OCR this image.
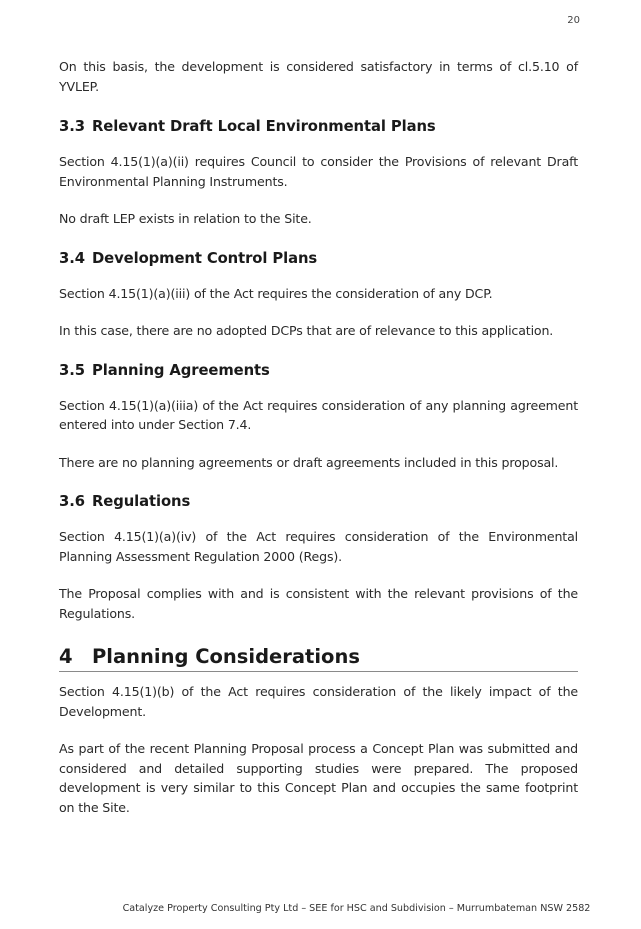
20

On this basis, the development is considered satisfactory in terms of cl.5.10 of YVLEP.

3.3 Relevant Draft Local Environmental Plans

Section 4.15(1)(a)(ii) requires Council to consider the Provisions of relevant Draft Environmental Planning Instruments.

No draft LEP exists in relation to the Site.

3.4 Development Control Plans

Section 4.15(1)(a)(iii) of the Act requires the consideration of any DCP.

In this case, there are no adopted DCPs that are of relevance to this application.

3.5 Planning Agreements

Section 4.15(1)(a)(iiia) of the Act requires consideration of any planning agreement entered into under Section 7.4.

There are no planning agreements or draft agreements included in this proposal.

3.6 Regulations

Section 4.15(1)(a)(iv) of the Act requires consideration of the Environmental Planning Assessment Regulation 2000 (Regs).

The Proposal complies with and is consistent with the relevant provisions of the Regulations.

4 Planning Considerations

Section 4.15(1)(b) of the Act requires consideration of the likely impact of the Development.

As part of the recent Planning Proposal process a Concept Plan was submitted and considered and detailed supporting studies were prepared. The proposed development is very similar to this Concept Plan and occupies the same footprint on the Site.

Catalyze Property Consulting Pty Ltd – SEE for HSC and Subdivision – Murrumbateman NSW 2582
